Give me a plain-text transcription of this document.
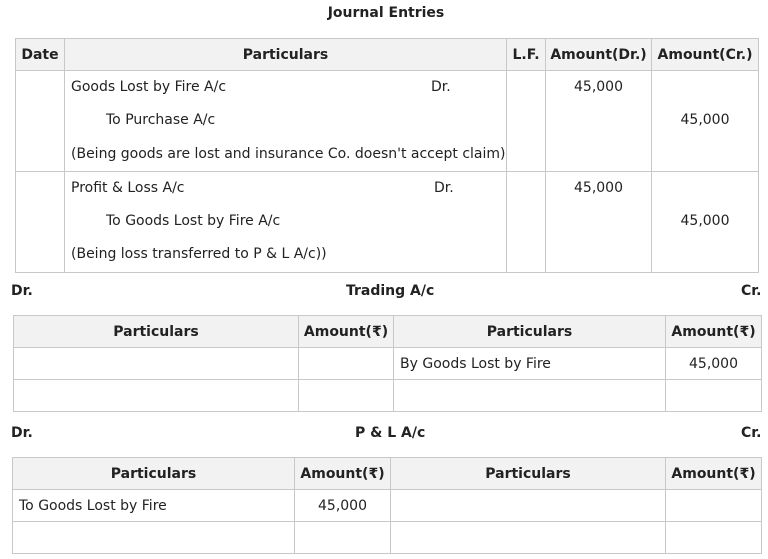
Journal Entries
Date	Particulars	L.F.	Amount(Dr.)	Amount(Cr.)

	Goods Lost by Fire A/c Dr.
To Purchase A/c
(Being goods are lost and insurance Co. doesn't accept claim)		45,000	45,000

	Profit & Loss A/c Dr.
To Goods Lost by Fire A/c
(Being loss transferred to P & L A/c))		45,000	45,000
Dr.	Trading A/c	Cr.
Particulars	Amount(₹)	Particulars	Amount(₹)
		By Goods Lost by Fire	45,000

Dr.	P & L A/c	Cr.
Particulars	Amount(₹)	Particulars	Amount(₹)
To Goods Lost by Fire	45,000		
